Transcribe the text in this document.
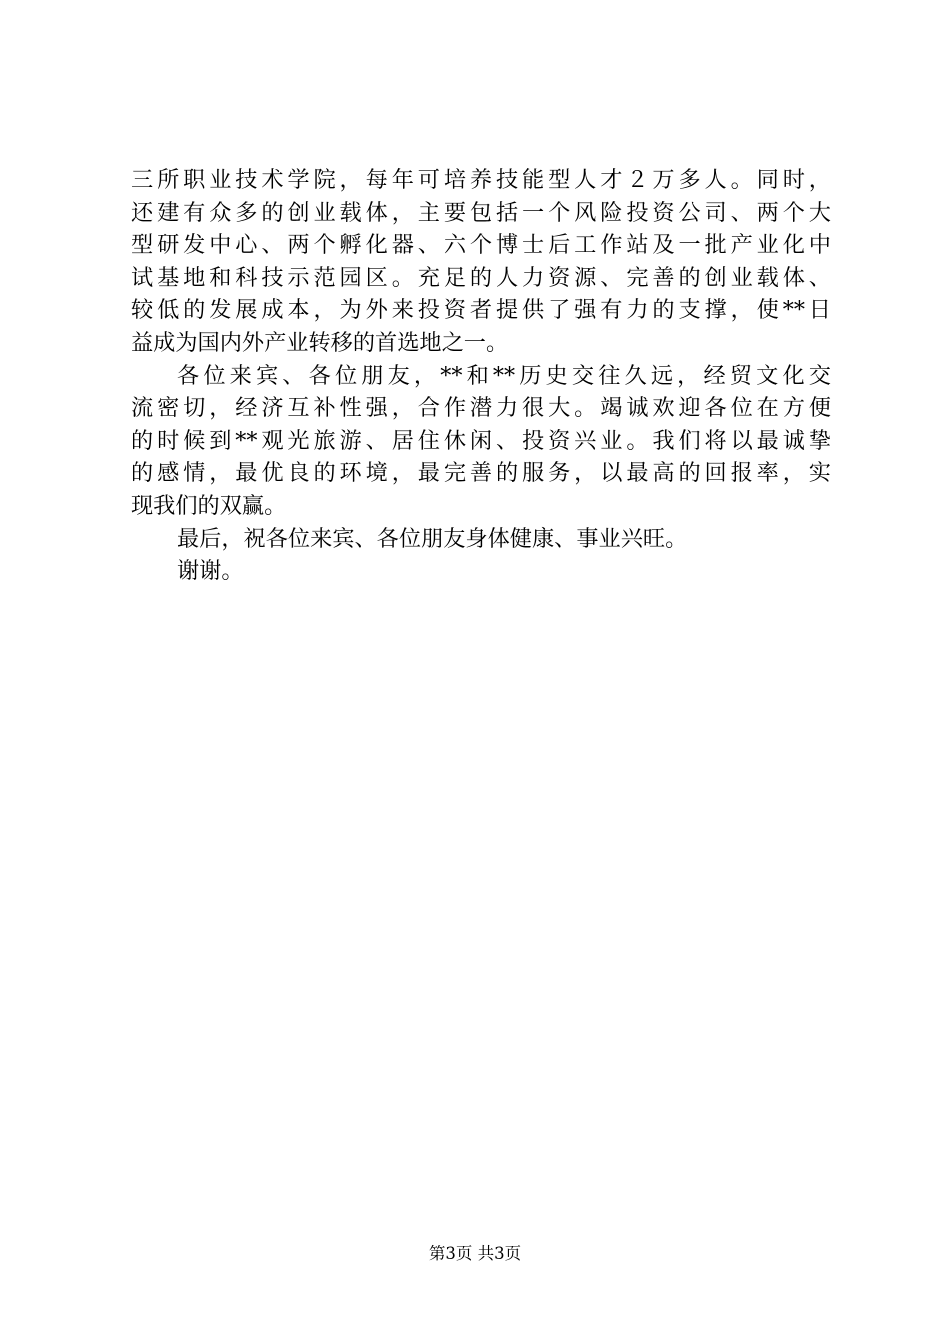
三所职业技术学院，每年可培养技能型人才２万多人。同时，
还建有众多的创业载体，主要包括一个风险投资公司、两个大
型研发中心、两个孵化器、六个博士后工作站及一批产业化中
试基地和科技示范园区。充足的人力资源、完善的创业载体、
较低的发展成本，为外来投资者提供了强有力的支撑，使**日
益成为国内外产业转移的首选地之一。
各位来宾、各位朋友，**和**历史交往久远，经贸文化交
流密切，经济互补性强，合作潜力很大。竭诚欢迎各位在方便
的时候到**观光旅游、居住休闲、投资兴业。我们将以最诚挚
的感情，最优良的环境，最完善的服务，以最高的回报率，实
现我们的双赢。
最后，祝各位来宾、各位朋友身体健康、事业兴旺。
谢谢。
第3页 共3页
